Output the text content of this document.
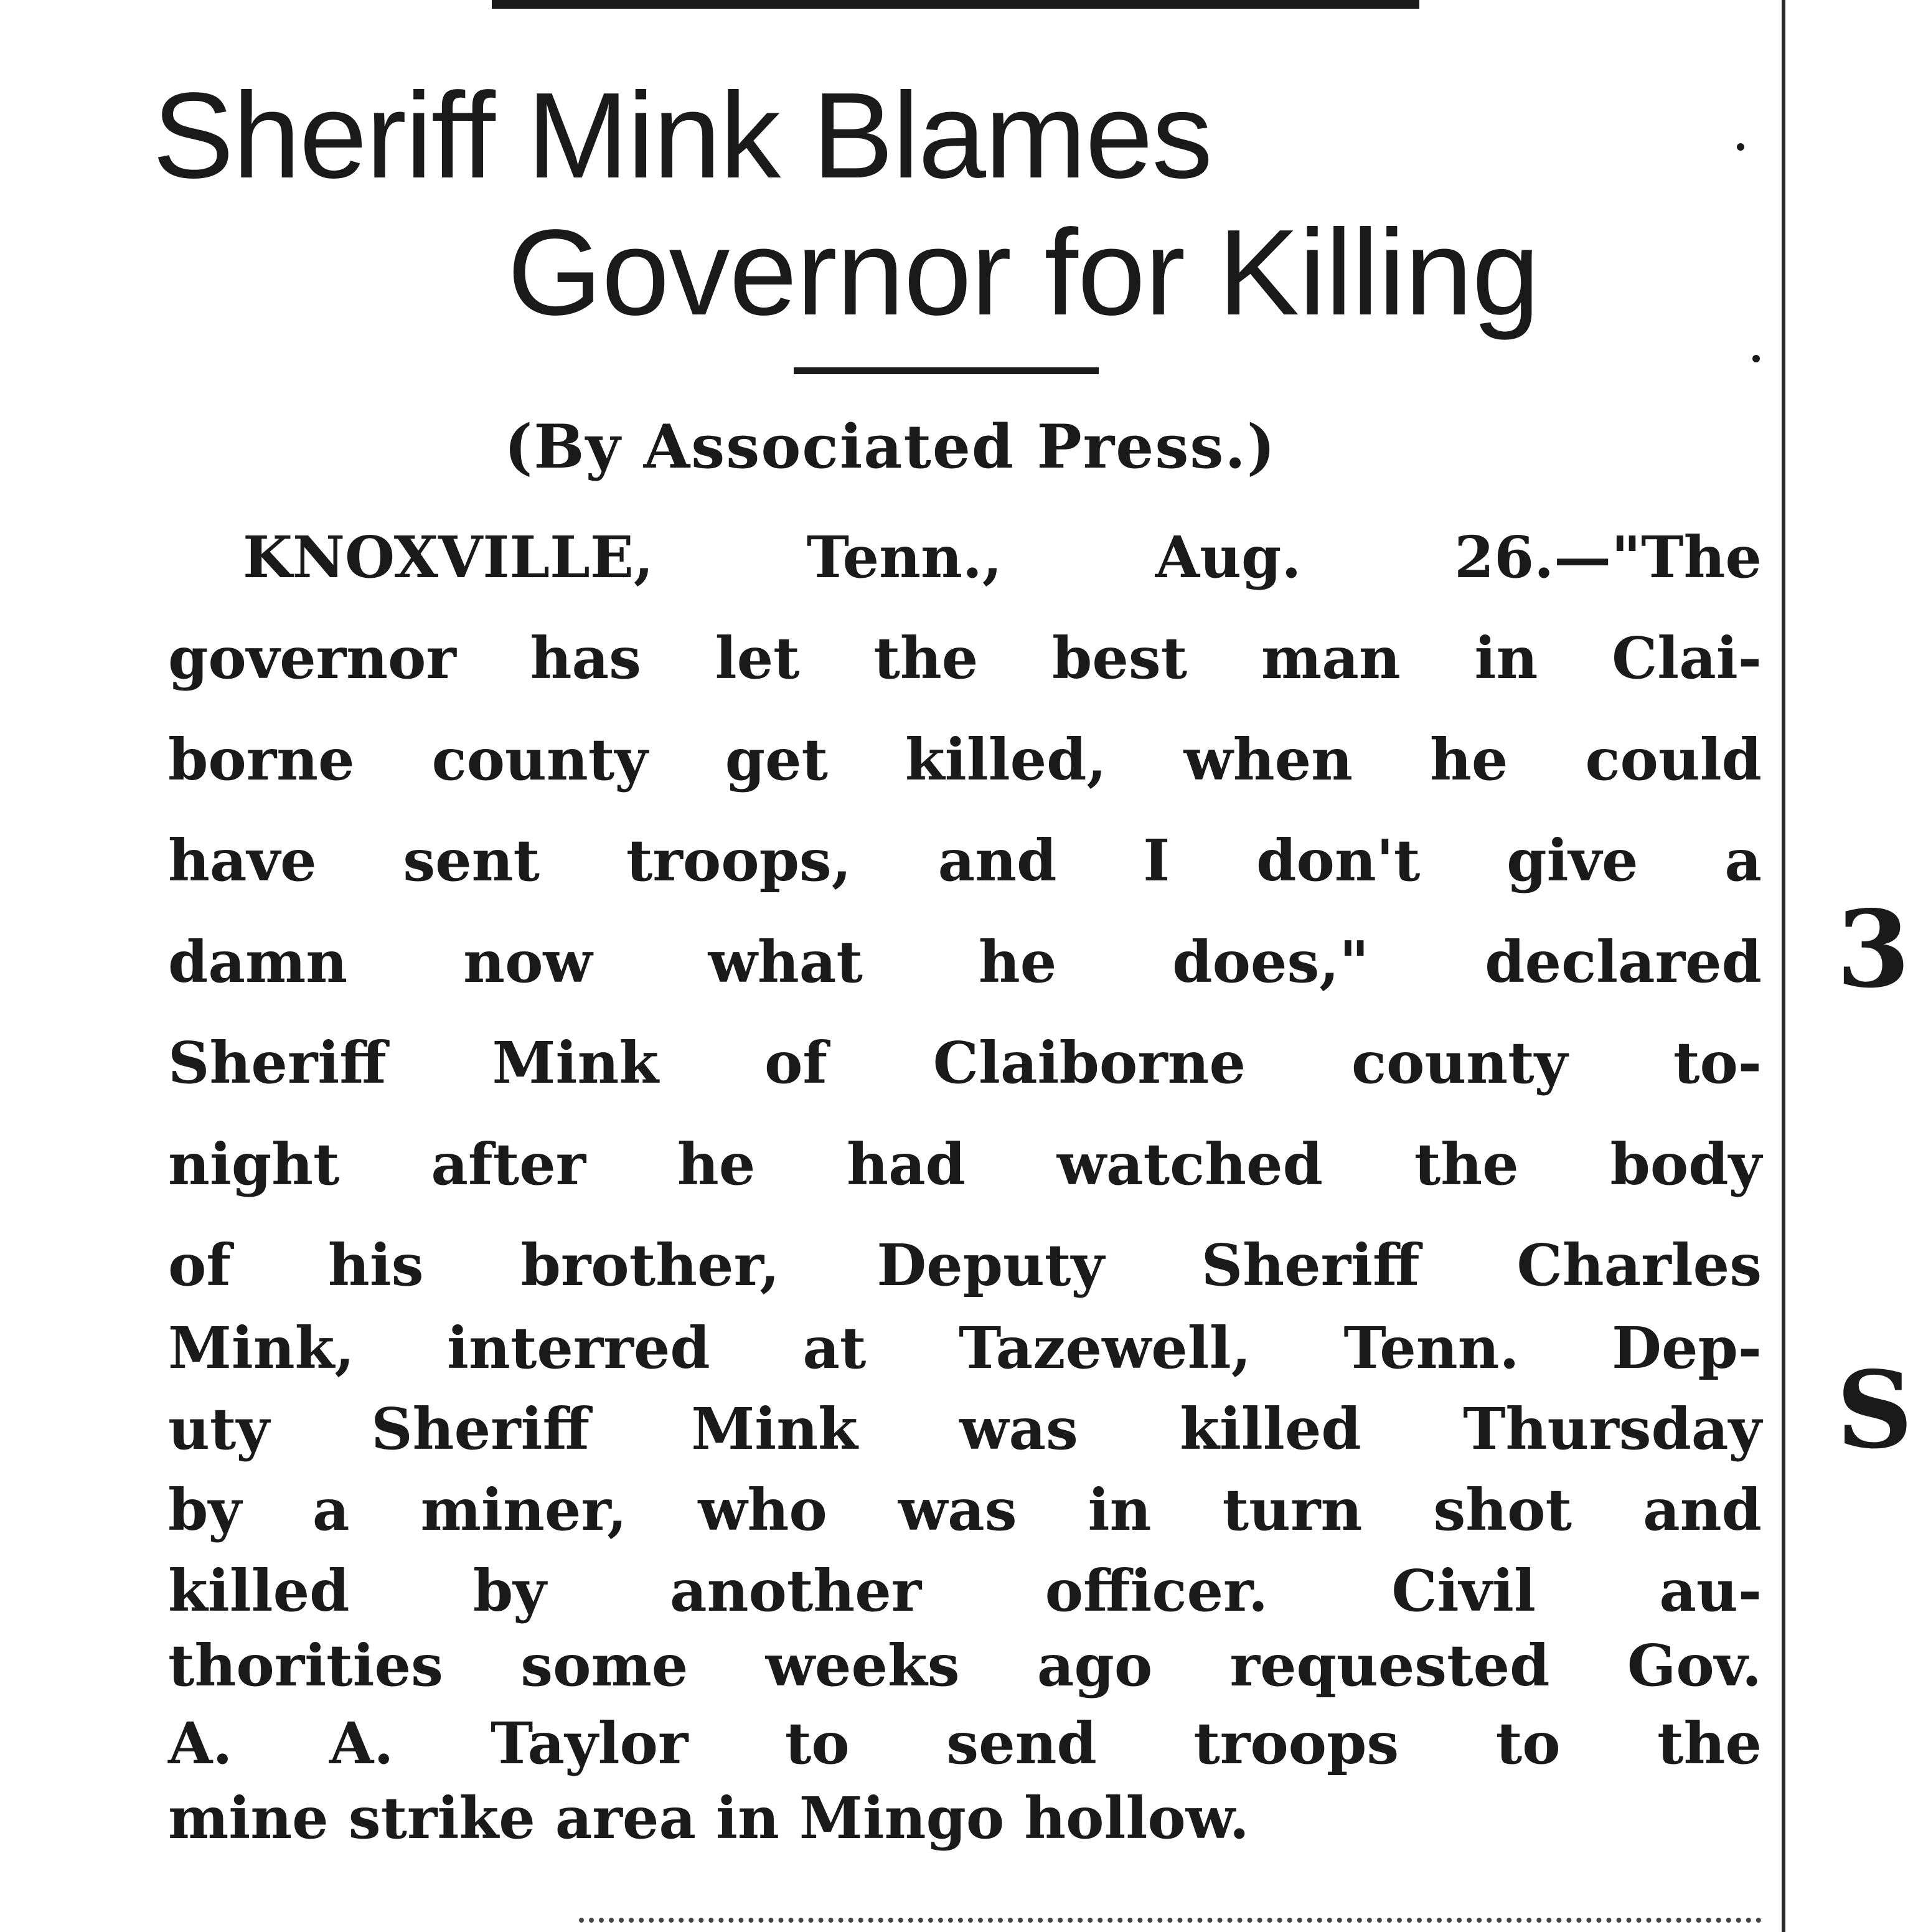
3
S
Sheriff Mink Blames
Governor for Killing

(By Associated Press.)

KNOXVILLE, Tenn., Aug. 26.—"The
governor has let the best man in Clai-
borne county get killed, when he could
have sent troops, and I don't give a
damn now what he does," declared
Sheriff Mink of Claiborne county to-
night after he had watched the body
of his brother, Deputy Sheriff Charles
Mink, interred at Tazewell, Tenn. Dep-
uty Sheriff Mink was killed Thursday
by a miner, who was in turn shot and
killed by another officer. Civil au-
thorities some weeks ago requested Gov.
A. A. Taylor to send troops to the
mine strike area in Mingo hollow.
